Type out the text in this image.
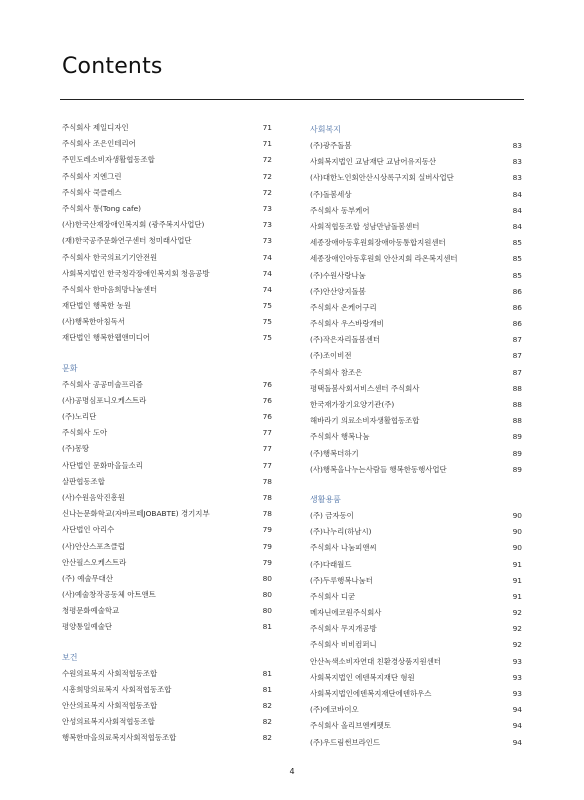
Contents
주식회사 제일디자인	71
주식회사 조은인테리어	71
주민도레소비자생활협동조합	72
주식회사 지엔그린	72
주식회사 쿡클레스	72
주식회사 통(Tong cafe)	73
(사)한국산재장애인복지회 (광주복지사업단)	73
(재)한국공주문화연구센터 청미래사업단	73
주식회사 한국의료기기안전원	74
사회복지법인 한국청각장애인복지회 청음공방	74
주식회사 한마음희망나눔센터	74
재단법인 행복한 농원	75
(사)행복한아침독서	75
재단법인 행복한웹앤미디어	75
문화
주식회사 공공미술프리즘	76
(사)공명심포니오케스트라	76
(주)노리단	76
주식회사 도아	77
(주)몽땅	77
사단법인 문화마을들소리	77
살판협동조합	78
(사)수원음악진흥원	78
신나는문화학교(자바르떼JOBABTE) 경기지부	78
사단법인 아리수	79
(사)안산스포츠클럽	79
안산필스오케스트라	79
(주) 예술무대산	80
(사)예술창작공동체 아트앤트	80
청평문화예술학교	80
평양통일예술단	81
보건
수원의료복지 사회적협동조합	81
시흥희망의료복지 사회적협동조합	81
안산의료복지 사회적협동조합	82
안성의료복지사회적협동조합	82
행복한마을의료복지사회적협동조합	82
사회복지
(주)광주돌봄	83
사회복지법인 교남재단 교남어유지동산	83
(사)대한노인회안산시상록구지회 실버사업단	83
(주)돌봄세상	84
주식회사 동부케어	84
사회적협동조합 성남만남돌봄센터	84
세종장애아동후원회장애아동통합지원센터	85
세종장애인아동후원회 안산지회 라온복지센터	85
(주)수원사랑나눔	85
(주)안산양지돌봄	86
주식회사 온케어구리	86
주식회사 우스바랑개비	86
(주)작은자리돌봄센터	87
(주)조이비전	87
주식회사 참조은	87
평택돌봄사회서비스센터 주식회사	88
한국재가장기요양기관(주)	88
해바라기 의료소비자생활협동조합	88
주식회사 행복나눔	89
(주)행복더하기	89
(사)행복을나누는사람들 행복한동행사업단	89
생활용품
(주) 금자동이	90
(주)나누리(하남시)	90
주식회사 나눔피앤씨	90
(주)다래월드	91
(주)두루행복나눔터	91
주식회사 디굳	91
메자닌에코원주식회사	92
주식회사 무지개공방	92
주식회사 비비컴퍼니	92
안산녹색소비자연대 친환경상품지원센터	93
사회복지법인 에덴복지재단 형원	93
사회복지법인에덴복지재단에덴하우스	93
(주)에코바이오	94
주식회사 올리브엔케펫토	94
(주)우드림썬브라인드	94
4
